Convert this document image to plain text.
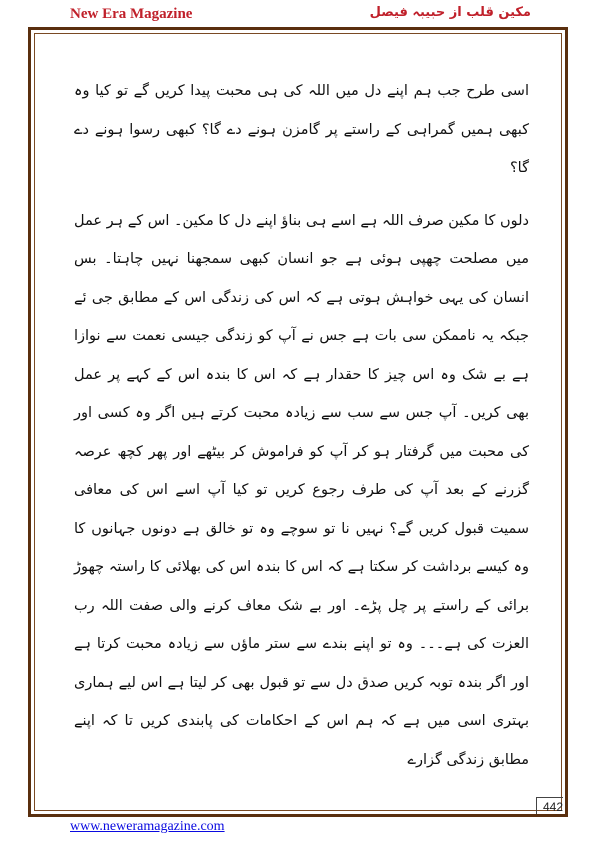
New Era Magazine	مکین قلب از حبیبہ فیصل

اسی طرح جب ہم اپنے دل میں اللہ کی ہی محبت پیدا کریں گے تو کیا وہ کبھی ہمیں گمراہی کے راستے پر گامزن ہونے دے گا؟ کبھی رسوا ہونے دے گا؟

دلوں کا مکین صرف اللہ ہے اسے ہی بناؤ اپنے دل کا مکین۔ اس کے ہر عمل میں مصلحت چھپی ہوئی ہے جو انسان کبھی سمجھنا نہیں چاہتا۔ بس انسان کی یہی خواہش ہوتی ہے کہ اس کی زندگی اس کے مطابق جی ئے جبکہ یہ ناممکن سی بات ہے جس نے آپ کو زندگی جیسی نعمت سے نوازا ہے بے شک وہ اس چیز کا حقدار ہے کہ اس کا بندہ اس کے کہے پر عمل بھی کریں۔ آپ جس سے سب سے زیادہ محبت کرتے ہیں اگر وہ کسی اور کی محبت میں گرفتار ہو کر آپ کو فراموش کر بیٹھے اور پھر کچھ عرصہ گزرنے کے بعد آپ کی طرف رجوع کریں تو کیا آپ اسے اس کی معافی سمیت قبول کریں گے؟ نہیں نا تو سوچے وہ تو خالق ہے دونوں جہانوں کا وہ کیسے برداشت کر سکتا ہے کہ اس کا بندہ اس کی بھلائی کا راستہ چھوڑ برائی کے راستے پر چل پڑے۔ اور بے شک معاف کرنے والی صفت اللہ رب العزت کی ہے۔۔۔ وہ تو اپنے بندے سے ستر ماؤں سے زیادہ محبت کرتا ہے اور اگر بندہ توبہ کریں صدق دل سے تو قبول بھی کر لیتا ہے اس لیے ہماری بہتری اسی میں ہے کہ ہم اس کے احکامات کی پابندی کریں تا کہ اپنے مطابق زندگی گزارے

442
www.neweramagazine.com
